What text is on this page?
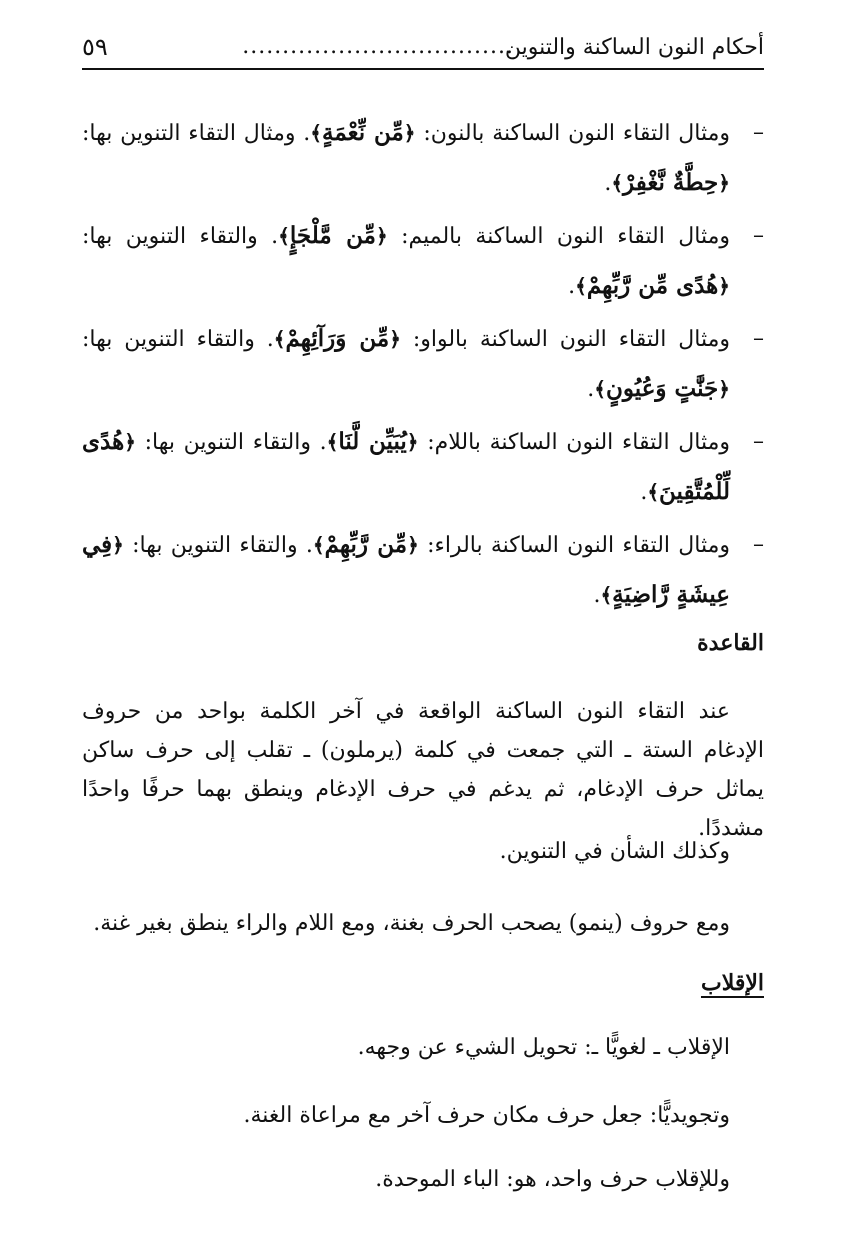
أحكام النون الساكنة والتنوين
..................................
٥٩
–
ومثال التقاء النون الساكنة بالنون: ﴿مِّن نِّعْمَةٍ﴾. ومثال التقاء التنوين بها: ﴿حِطَّةٌ نَّغْفِرْ﴾.
–
ومثال التقاء النون الساكنة بالميم: ﴿مِّن مَّلْجَإٍ﴾. والتقاء التنوين بها: ﴿هُدًى مِّن رَّبِّهِمْ﴾.
–
ومثال التقاء النون الساكنة بالواو: ﴿مِّن وَرَآئِهِمْ﴾. والتقاء التنوين بها: ﴿جَنَّٰتٍ وَعُيُونٍ﴾.
–
ومثال التقاء النون الساكنة باللام: ﴿يُبَيِّن لَّنَا﴾. والتقاء التنوين بها: ﴿هُدًى لِّلْمُتَّقِينَ﴾.
–
ومثال التقاء النون الساكنة بالراء: ﴿مِّن رَّبِّهِمْ﴾. والتقاء التنوين بها: ﴿فِي عِيشَةٍ رَّاضِيَةٍ﴾.
القاعدة

عند التقاء النون الساكنة الواقعة في آخر الكلمة بواحد من حروف الإدغام الستة ـ التي جمعت في كلمة (يرملون) ـ تقلب إلى حرف ساكن يماثل حرف الإدغام، ثم يدغم في حرف الإدغام وينطق بهما حرفًا واحدًا مشددًا.

وكذلك الشأن في التنوين.

ومع حروف (ينمو) يصحب الحرف بغنة، ومع اللام والراء ينطق بغير غنة.

الإقلاب

الإقلاب ـ لغويًّا ـ: تحويل الشيء عن وجهه.

وتجويديًّا: جعل حرف مكان حرف آخر مع مراعاة الغنة.

وللإقلاب حرف واحد، هو: الباء الموحدة.
